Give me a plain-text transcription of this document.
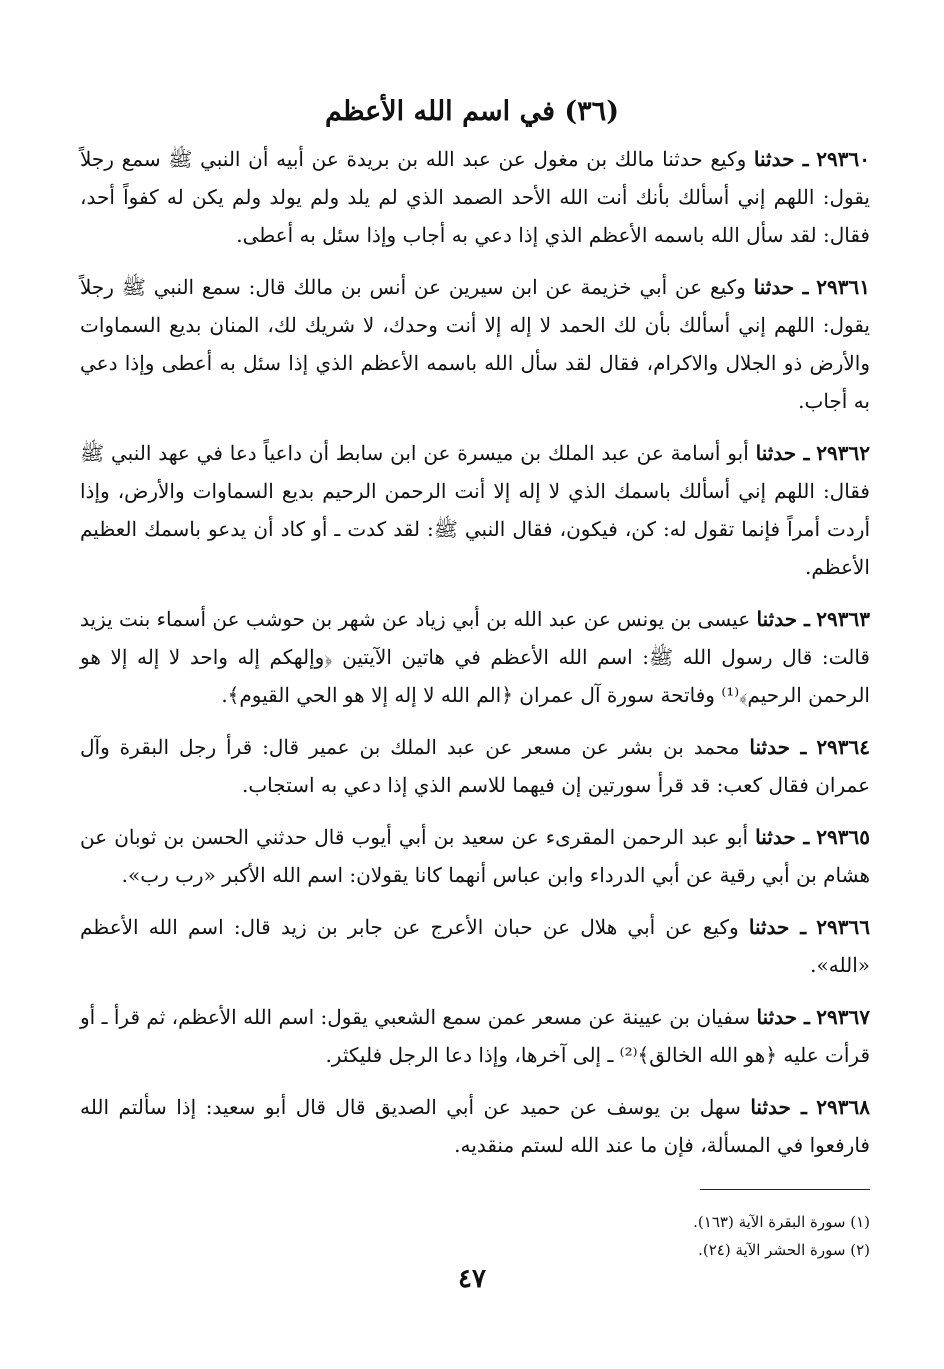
(٣٦) في اسم الله الأعظم

٢٩٣٦٠ ـ حدثنا وكيع حدثنا مالك بن مغول عن عبد الله بن بريدة عن أبيه أن النبي ﷺ سمع رجلاً يقول: اللهم إني أسألك بأنك أنت الله الأحد الصمد الذي لم يلد ولم يولد ولم يكن له كفواً أحد، فقال: لقد سأل الله باسمه الأعظم الذي إذا دعي به أجاب وإذا سئل به أعطى.

٢٩٣٦١ ـ حدثنا وكيع عن أبي خزيمة عن ابن سيرين عن أنس بن مالك قال: سمع النبي ﷺ رجلاً يقول: اللهم إني أسألك بأن لك الحمد لا إله إلا أنت وحدك، لا شريك لك، المنان بديع السماوات والأرض ذو الجلال والاكرام، فقال لقد سأل الله باسمه الأعظم الذي إذا سئل به أعطى وإذا دعي به أجاب.

٢٩٣٦٢ ـ حدثنا أبو أسامة عن عبد الملك بن ميسرة عن ابن سابط أن داعياً دعا في عهد النبي ﷺ فقال: اللهم إني أسألك باسمك الذي لا إله إلا أنت الرحمن الرحيم بديع السماوات والأرض، وإذا أردت أمراً فإنما تقول له: كن، فيكون، فقال النبي ﷺ: لقد كدت ـ أو كاد أن يدعو باسمك العظيم الأعظم.

٢٩٣٦٣ ـ حدثنا عيسى بن يونس عن عبد الله بن أبي زياد عن شهر بن حوشب عن أسماء بنت يزيد قالت: قال رسول الله ﷺ: اسم الله الأعظم في هاتين الآيتين ﴿وإلهكم إله واحد لا إله إلا هو الرحمن الرحيم﴾⁽¹⁾ وفاتحة سورة آل عمران ﴿الم الله لا إله إلا هو الحي القيوم﴾.

٢٩٣٦٤ ـ حدثنا محمد بن بشر عن مسعر عن عبد الملك بن عمير قال: قرأ رجل البقرة وآل عمران فقال كعب: قد قرأ سورتين إن فيهما للاسم الذي إذا دعي به استجاب.

٢٩٣٦٥ ـ حدثنا أبو عبد الرحمن المقرىء عن سعيد بن أبي أيوب قال حدثني الحسن بن ثوبان عن هشام بن أبي رقية عن أبي الدرداء وابن عباس أنهما كانا يقولان: اسم الله الأكبر «رب رب».

٢٩٣٦٦ ـ حدثنا وكيع عن أبي هلال عن حبان الأعرج عن جابر بن زيد قال: اسم الله الأعظم «الله».

٢٩٣٦٧ ـ حدثنا سفيان بن عيينة عن مسعر عمن سمع الشعبي يقول: اسم الله الأعظم، ثم قرأ ـ أو قرأت عليه ﴿هو الله الخالق﴾⁽²⁾ ـ إلى آخرها، وإذا دعا الرجل فليكثر.

٢٩٣٦٨ ـ حدثنا سهل بن يوسف عن حميد عن أبي الصديق قال قال أبو سعيد: إذا سألتم الله فارفعوا في المسألة، فإن ما عند الله لستم منقديه.

(١) سورة البقرة الآية (١٦٣).
(٢) سورة الحشر الآية (٢٤).
٤٧
